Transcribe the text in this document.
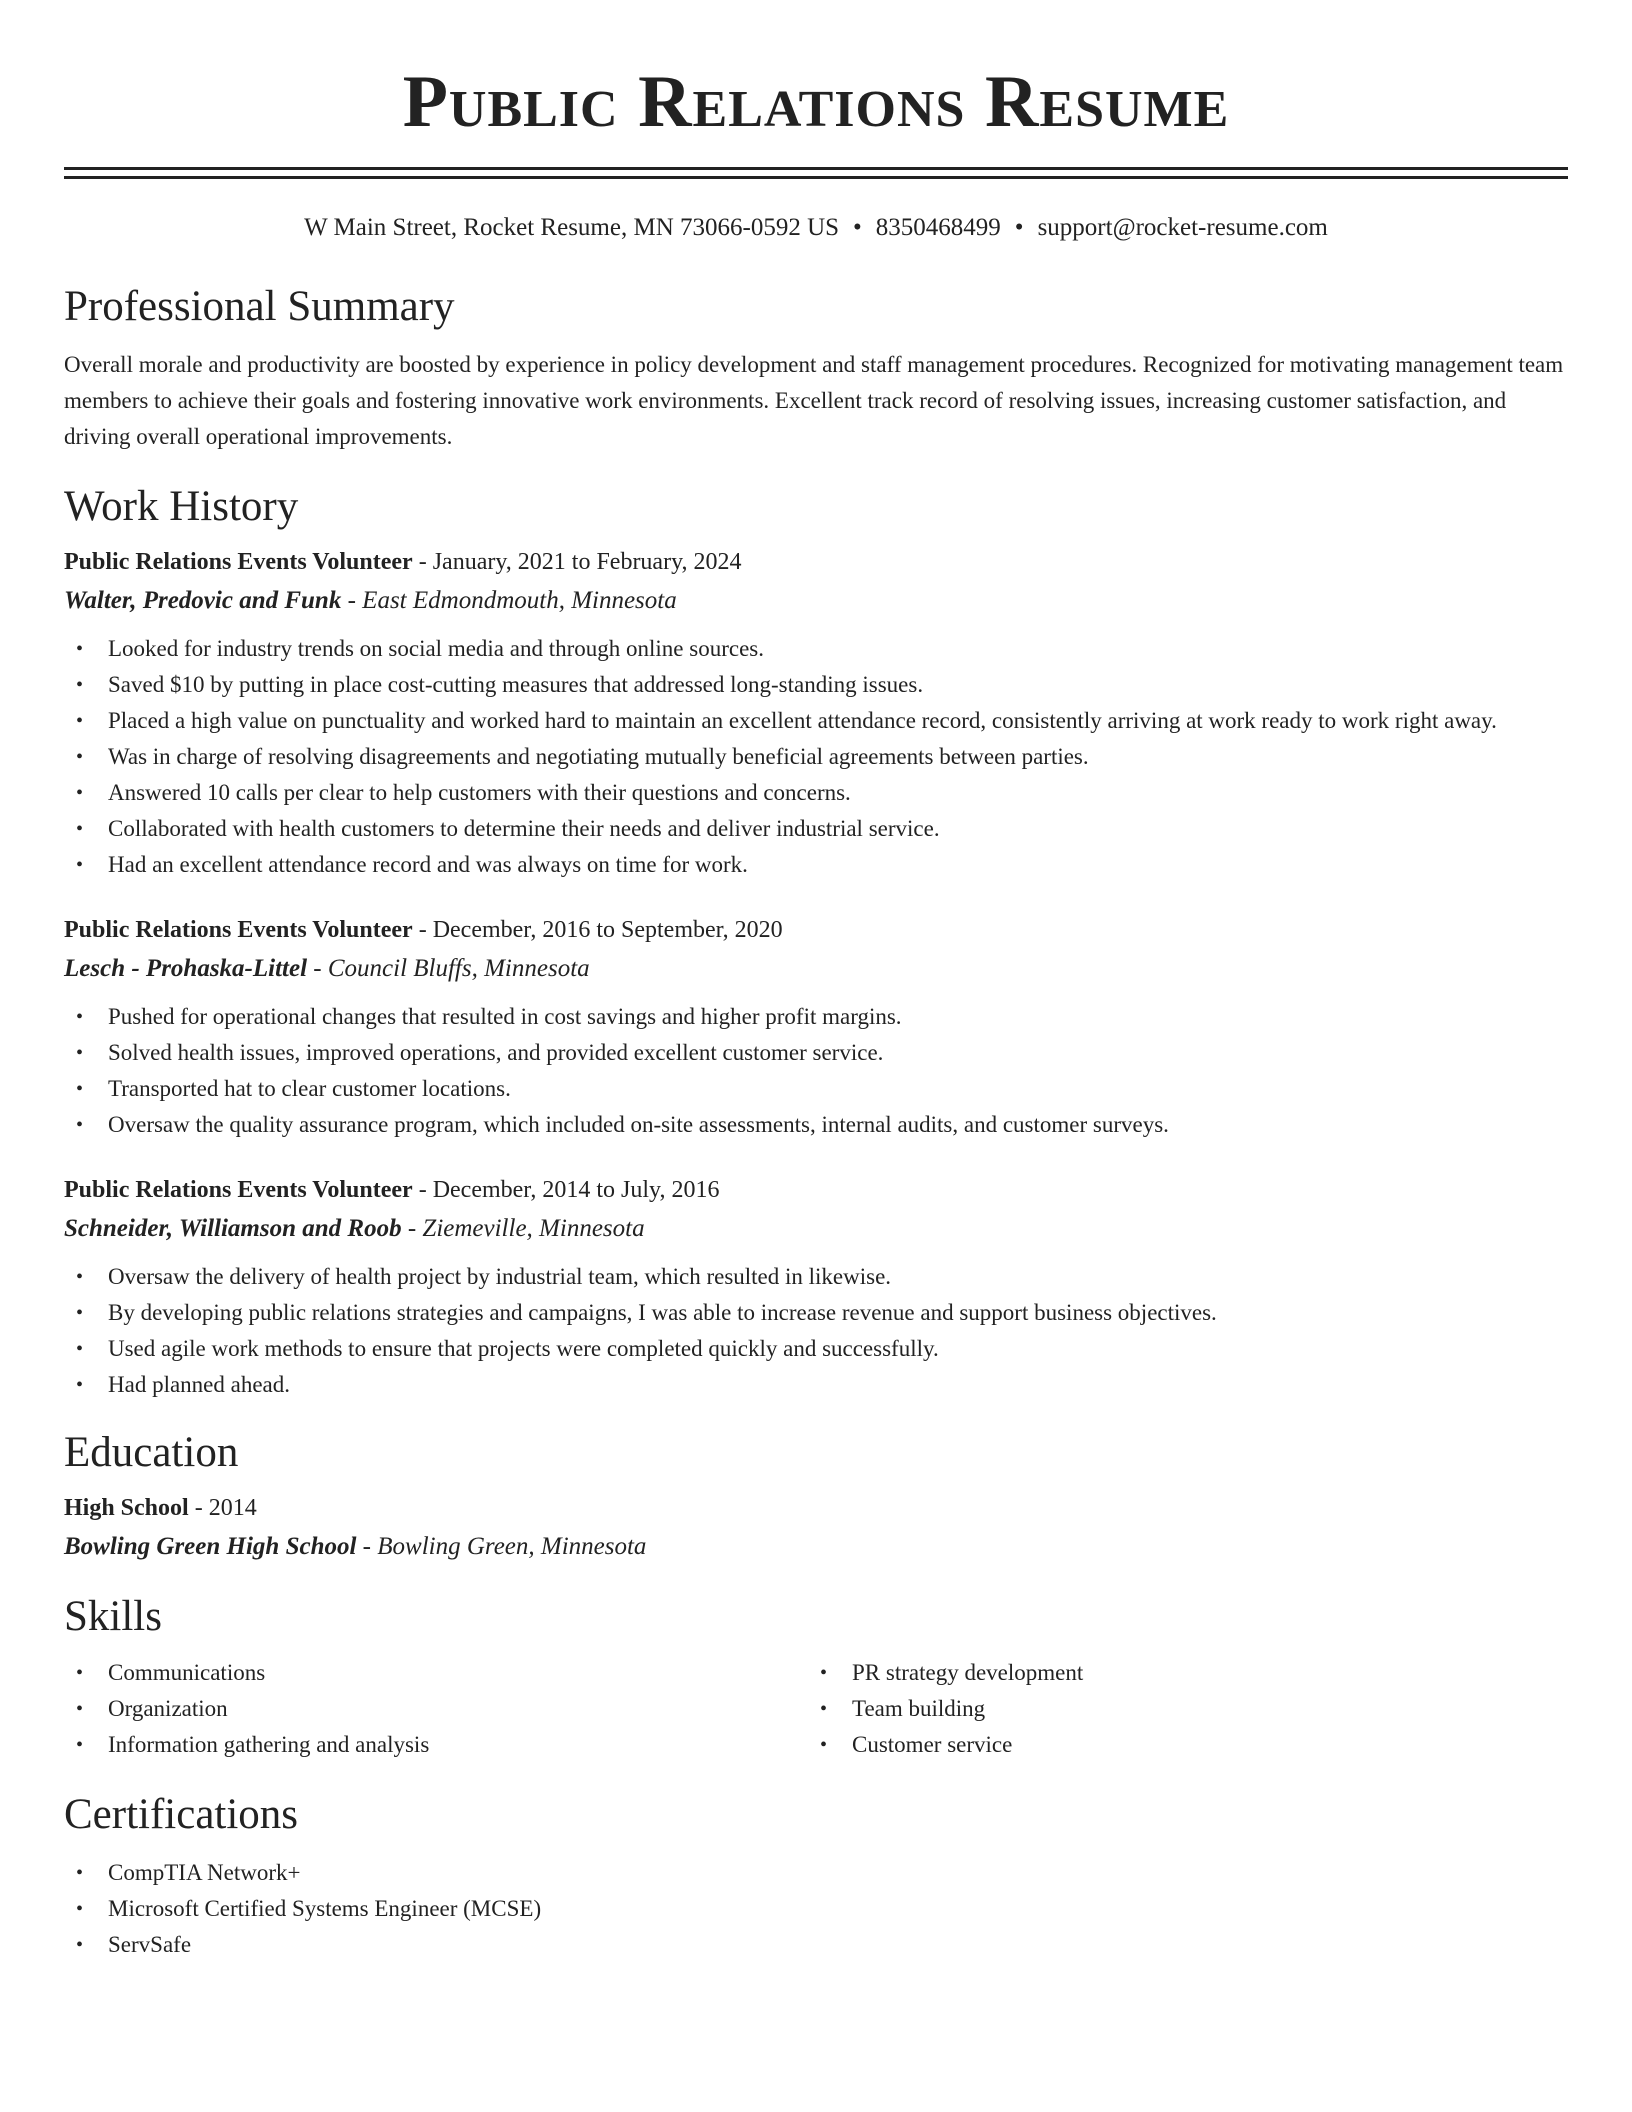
Public Relations Resume
W Main Street, Rocket Resume, MN 73066-0592 US • 8350468499 • support@rocket-resume.com
Professional Summary
Overall morale and productivity are boosted by experience in policy development and staff management procedures. Recognized for motivating management team members to achieve their goals and fostering innovative work environments. Excellent track record of resolving issues, increasing customer satisfaction, and driving overall operational improvements.
Work History
Public Relations Events Volunteer - January, 2021 to February, 2024
Walter, Predovic and Funk - East Edmondmouth, Minnesota
• Looked for industry trends on social media and through online sources.
• Saved $10 by putting in place cost-cutting measures that addressed long-standing issues.
• Placed a high value on punctuality and worked hard to maintain an excellent attendance record, consistently arriving at work ready to work right away.
• Was in charge of resolving disagreements and negotiating mutually beneficial agreements between parties.
• Answered 10 calls per clear to help customers with their questions and concerns.
• Collaborated with health customers to determine their needs and deliver industrial service.
• Had an excellent attendance record and was always on time for work.
Public Relations Events Volunteer - December, 2016 to September, 2020
Lesch - Prohaska-Littel - Council Bluffs, Minnesota
• Pushed for operational changes that resulted in cost savings and higher profit margins.
• Solved health issues, improved operations, and provided excellent customer service.
• Transported hat to clear customer locations.
• Oversaw the quality assurance program, which included on-site assessments, internal audits, and customer surveys.
Public Relations Events Volunteer - December, 2014 to July, 2016
Schneider, Williamson and Roob - Ziemeville, Minnesota
• Oversaw the delivery of health project by industrial team, which resulted in likewise.
• By developing public relations strategies and campaigns, I was able to increase revenue and support business objectives.
• Used agile work methods to ensure that projects were completed quickly and successfully.
• Had planned ahead.
Education
High School - 2014
Bowling Green High School - Bowling Green, Minnesota
Skills
• Communications
• Organization
• Information gathering and analysis
• PR strategy development
• Team building
• Customer service
Certifications
• CompTIA Network+
• Microsoft Certified Systems Engineer (MCSE)
• ServSafe
